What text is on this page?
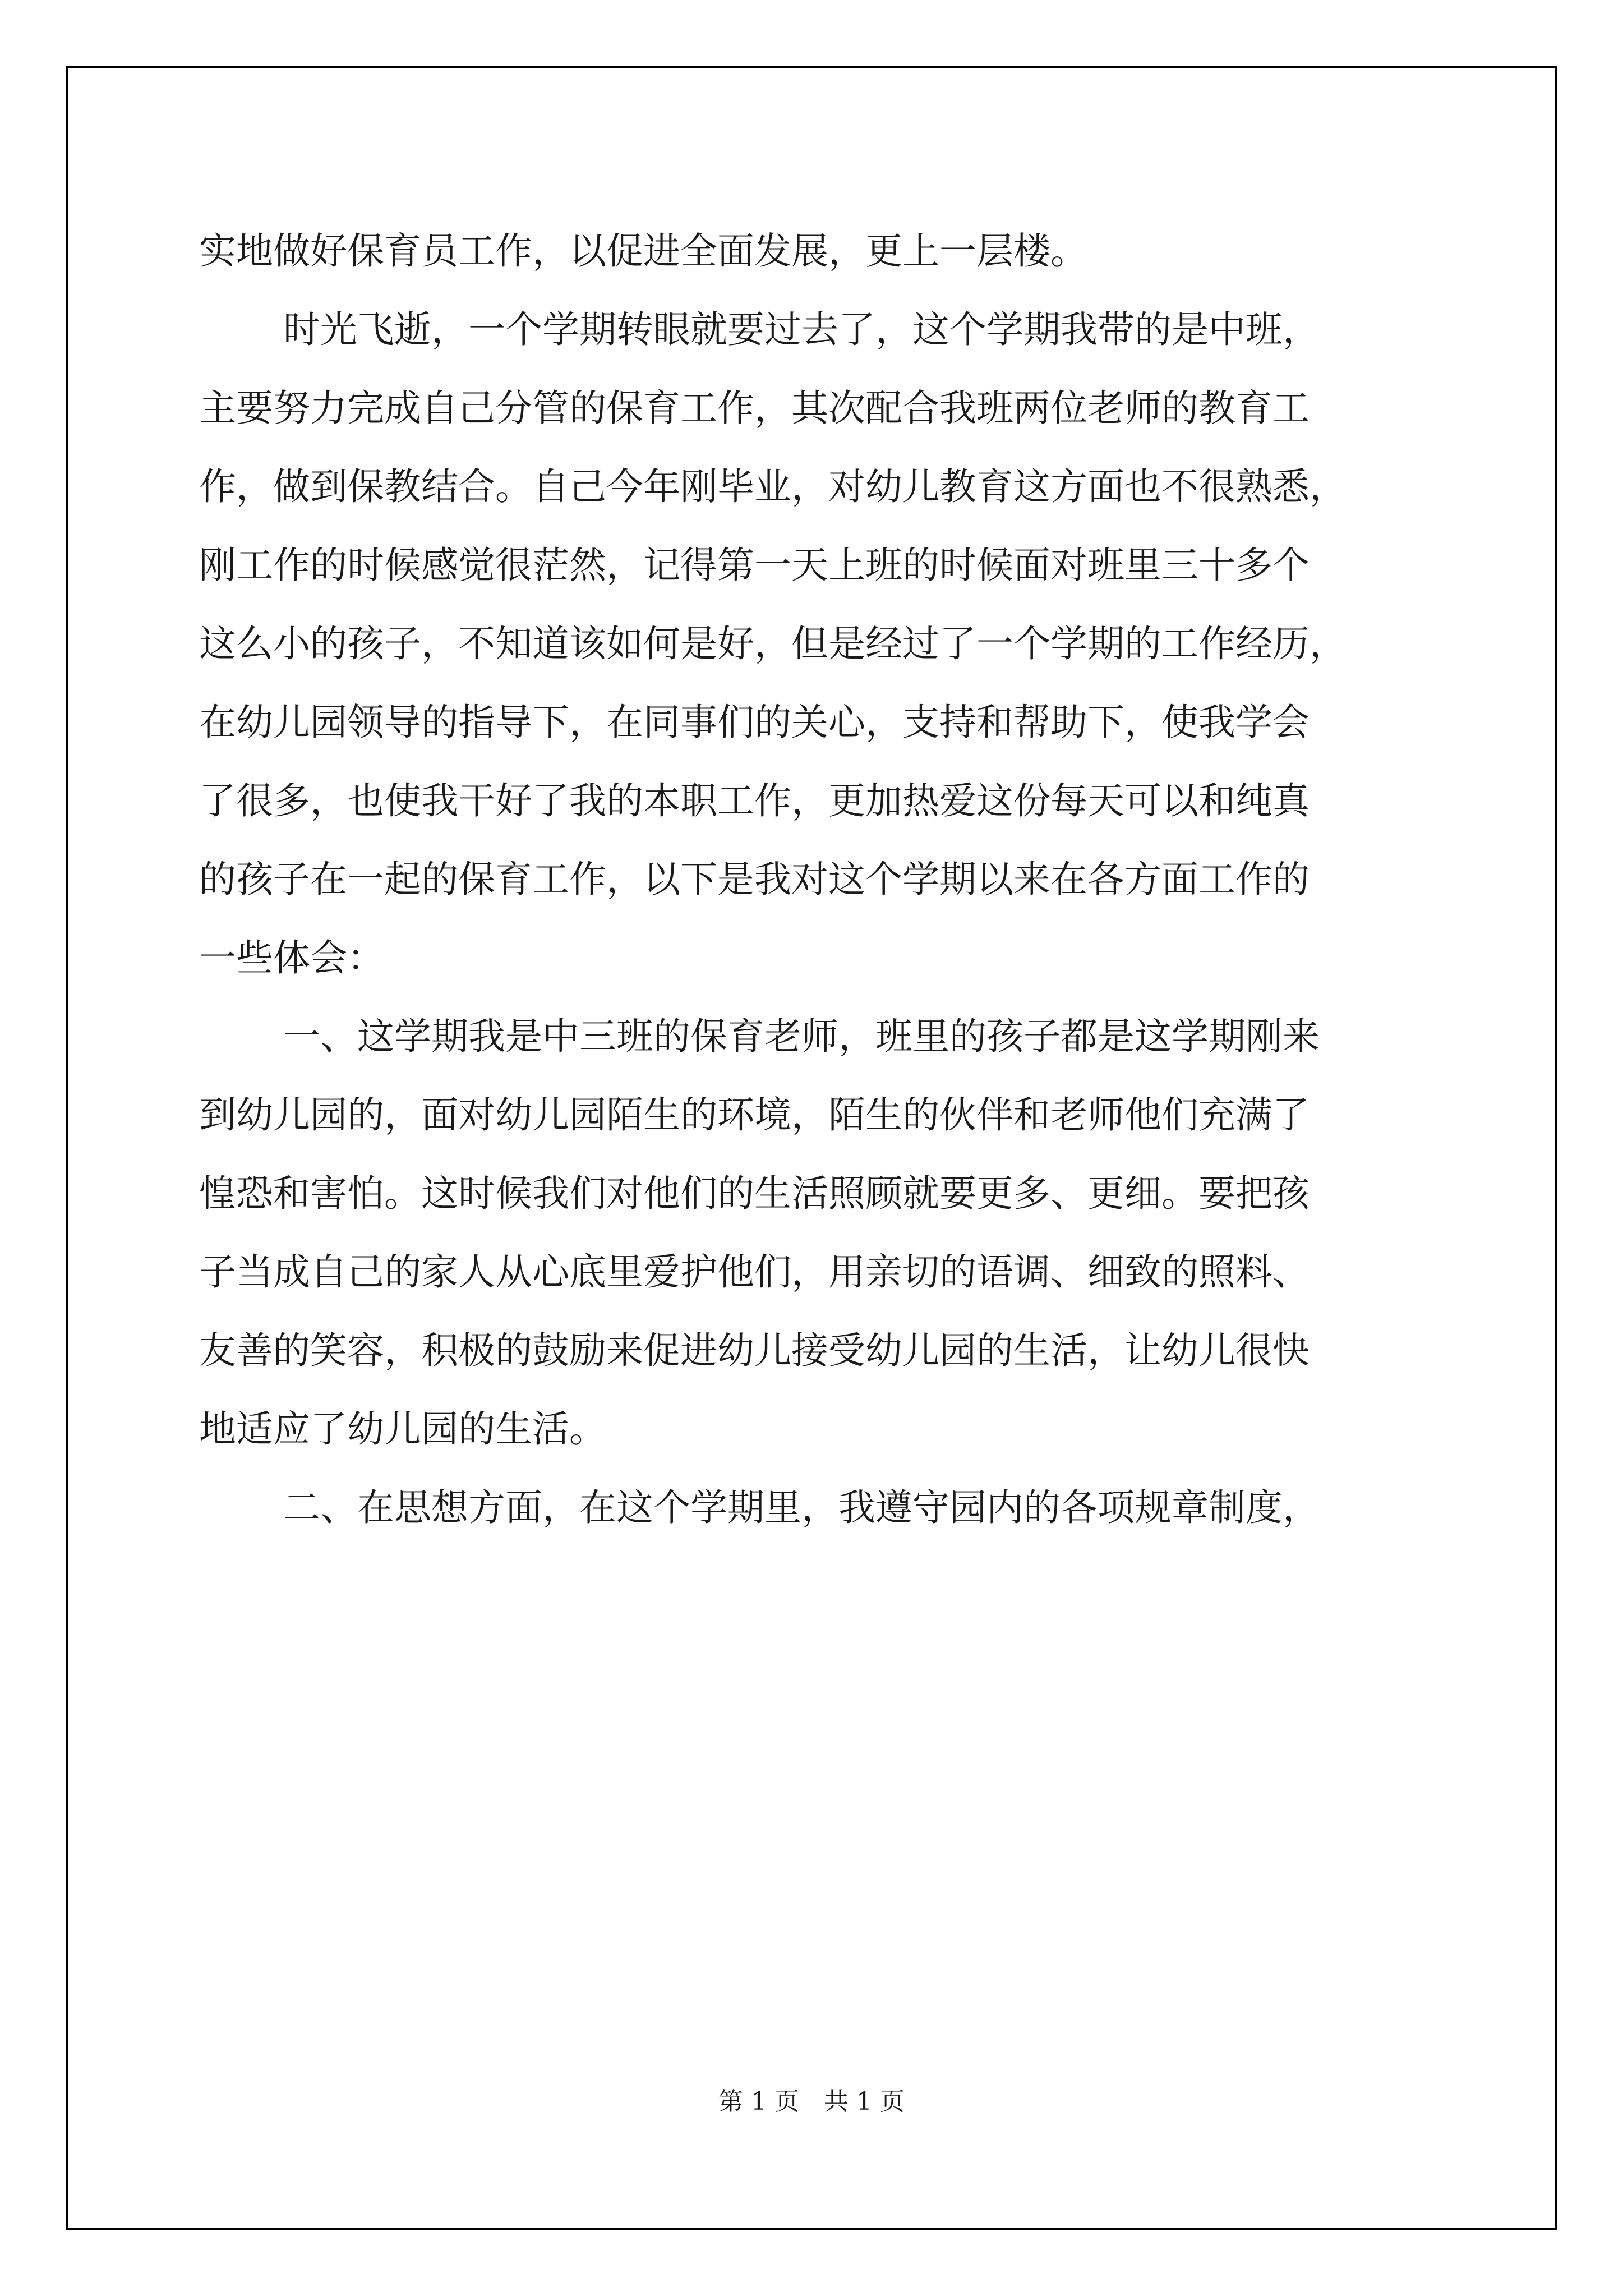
实地做好保育员工作，以促进全面发展，更上一层楼。
时光飞逝，一个学期转眼就要过去了，这个学期我带的是中班，
主要努力完成自己分管的保育工作，其次配合我班两位老师的教育工
作，做到保教结合。自己今年刚毕业，对幼儿教育这方面也不很熟悉，
刚工作的时候感觉很茫然，记得第一天上班的时候面对班里三十多个
这么小的孩子，不知道该如何是好，但是经过了一个学期的工作经历，
在幼儿园领导的指导下，在同事们的关心，支持和帮助下，使我学会
了很多，也使我干好了我的本职工作，更加热爱这份每天可以和纯真
的孩子在一起的保育工作，以下是我对这个学期以来在各方面工作的
一些体会：
一、这学期我是中三班的保育老师，班里的孩子都是这学期刚来
到幼儿园的，面对幼儿园陌生的环境，陌生的伙伴和老师他们充满了
惶恐和害怕。这时候我们对他们的生活照顾就要更多、更细。要把孩
子当成自己的家人从心底里爱护他们，用亲切的语调、细致的照料、
友善的笑容，积极的鼓励来促进幼儿接受幼儿园的生活，让幼儿很快
地适应了幼儿园的生活。
二、在思想方面，在这个学期里，我遵守园内的各项规章制度，
第 1 页　共 1 页
